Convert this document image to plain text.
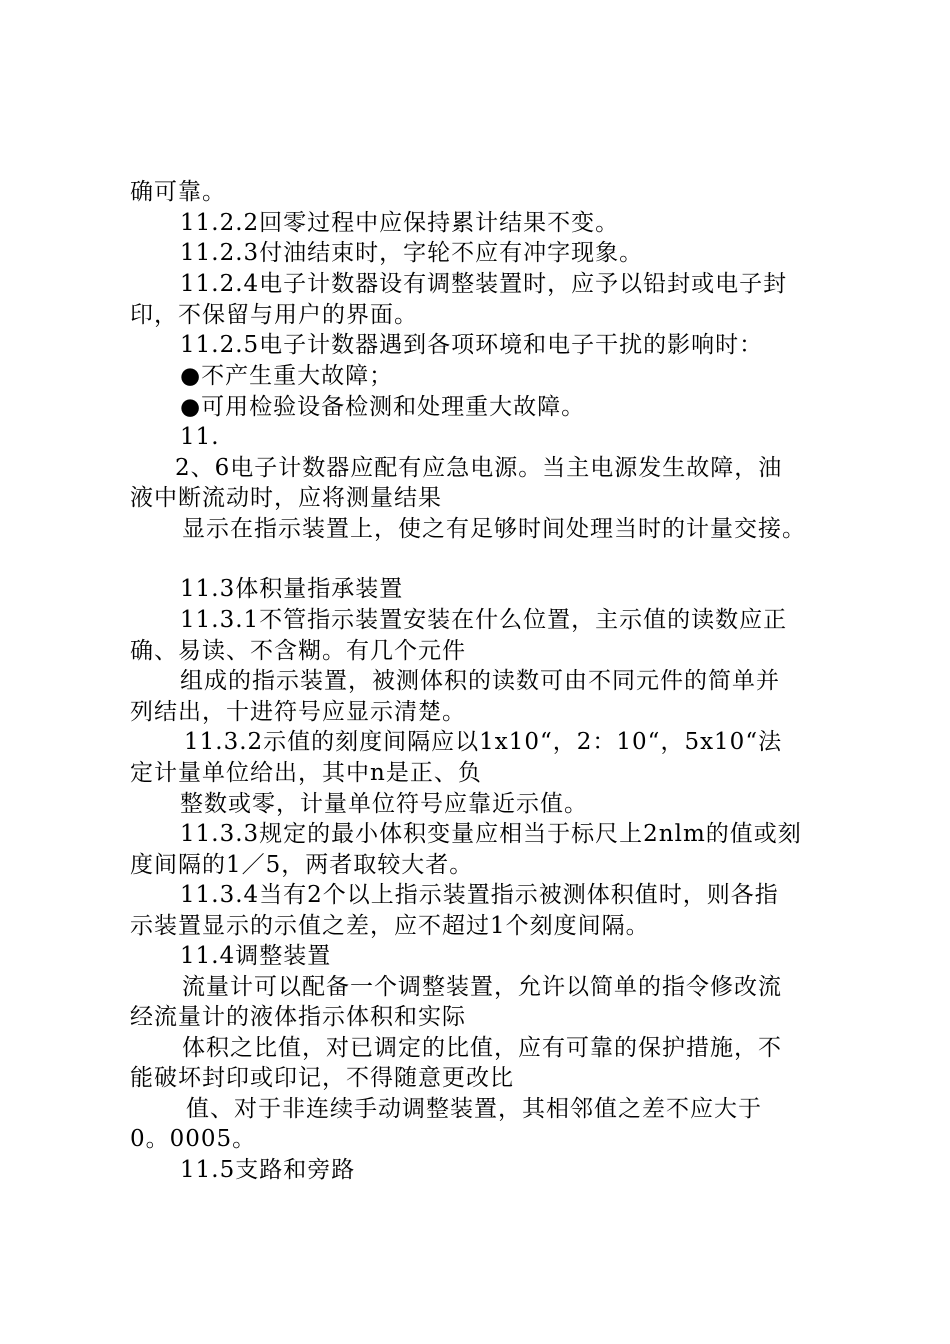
确可靠。
11.2.2回零过程中应保持累计结果不变。
11.2.3付油结束时，字轮不应有冲字现象。
11.2.4电子计数器设有调整装置时，应予以铅封或电子封
印，不保留与用户的界面。
11.2.5电子计数器遇到各项环境和电子干扰的影响时：
●不产生重大故障；
●可用检验设备检测和处理重大故障。
11.
2、6电子计数器应配有应急电源。当主电源发生故障，油
液中断流动时，应将测量结果
显示在指示装置上，使之有足够时间处理当时的计量交接。
11.3体积量指承装置
11.3.1不管指示装置安装在什么位置，主示值的读数应正
确、易读、不含糊。有几个元件
组成的指示装置，被测体积的读数可由不同元件的简单并
列结出，十进符号应显示清楚。
11.3.2示值的刻度间隔应以1x10“，2：10“，5x10“法
定计量单位给出，其中n是正、负
整数或零，计量单位符号应靠近示值。
11.3.3规定的最小体积变量应相当于标尺上2nlm的值或刻
度间隔的1／5，两者取较大者。
11.3.4当有2个以上指示装置指示被测体积值时，则各指
示装置显示的示值之差，应不超过1个刻度间隔。
11.4调整装置
流量计可以配备一个调整装置，允许以简单的指令修改流
经流量计的液体指示体积和实际
体积之比值，对已调定的比值，应有可靠的保护措施，不
能破坏封印或印记，不得随意更改比
值、对于非连续手动调整装置，其相邻值之差不应大于
0。0005。
11.5支路和旁路
